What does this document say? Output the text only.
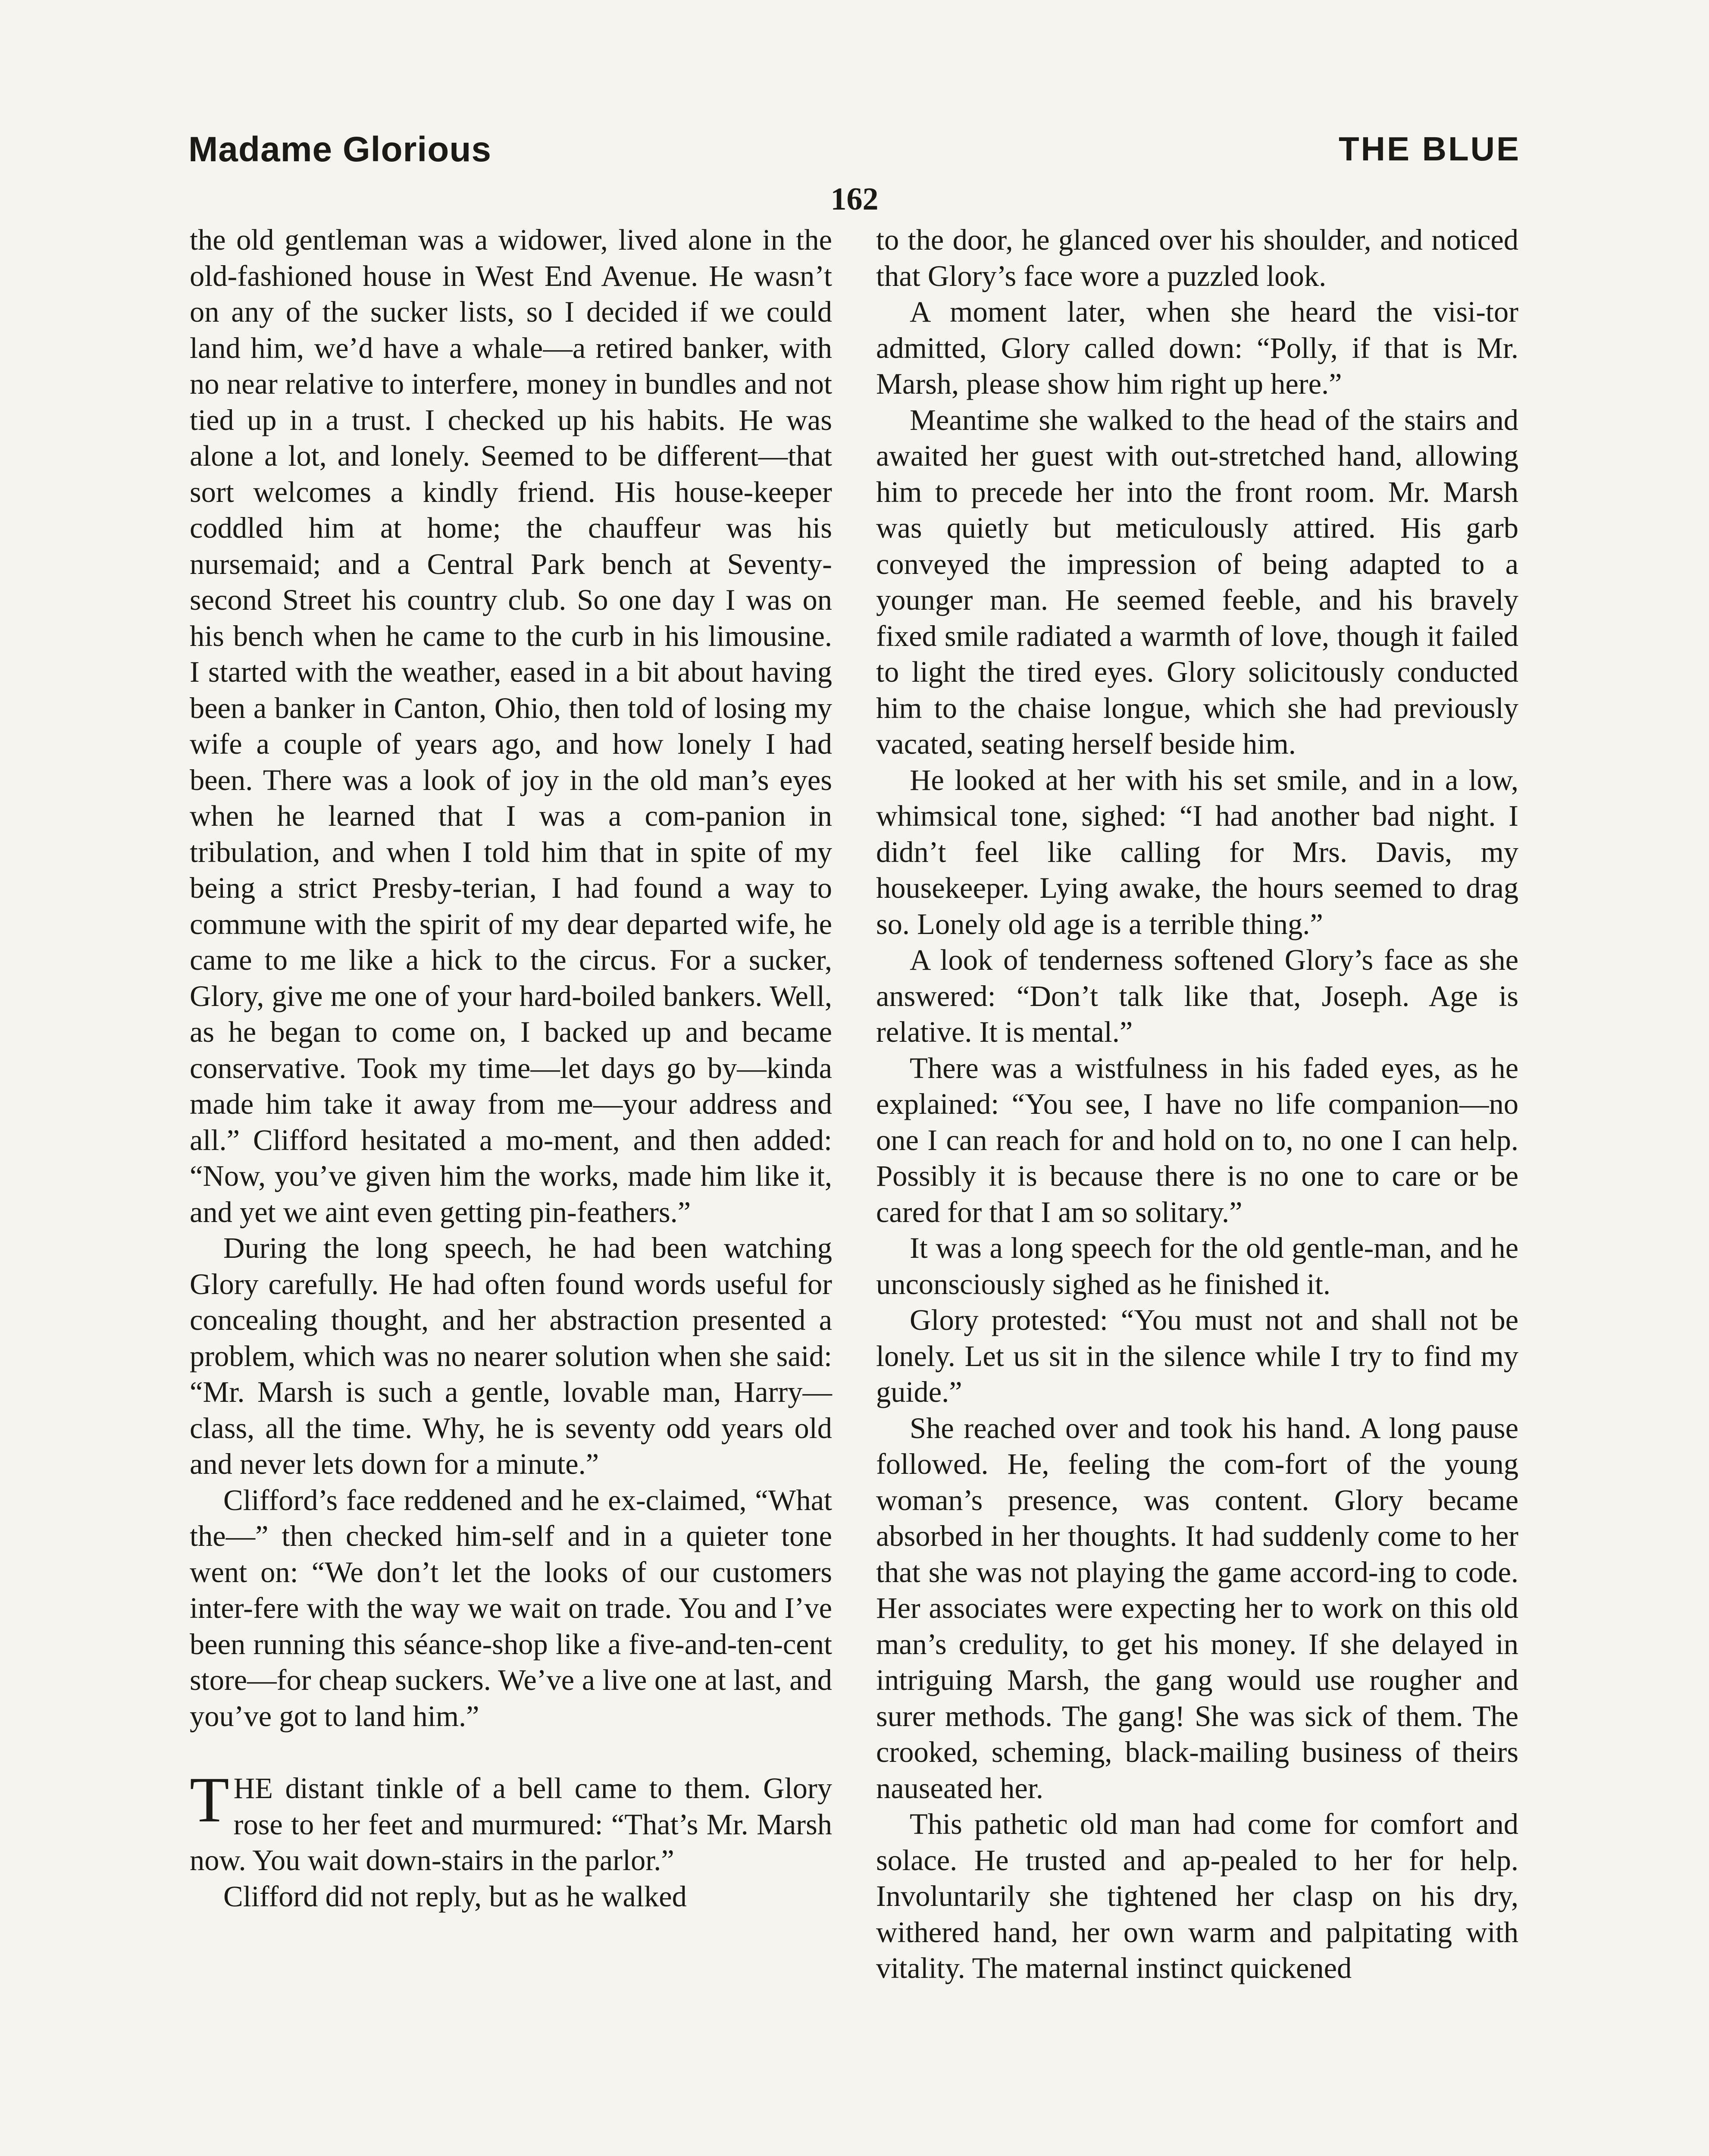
Madame Glorious	THE BLUE
162

the old gentleman was a widower, lived alone in the old-fashioned house in West End Avenue. He wasn’t on any of the sucker lists, so I decided if we could land him, we’d have a whale—a retired banker, with no near relative to interfere, money in bundles and not tied up in a trust. I checked up his habits. He was alone a lot, and lonely. Seemed to be different—that sort welcomes a kindly friend. His house-keeper coddled him at home; the chauffeur was his nursemaid; and a Central Park bench at Seventy-second Street his country club. So one day I was on his bench when he came to the curb in his limousine. I started with the weather, eased in a bit about having been a banker in Canton, Ohio, then told of losing my wife a couple of years ago, and how lonely I had been. There was a look of joy in the old man’s eyes when he learned that I was a com-panion in tribulation, and when I told him that in spite of my being a strict Presby-terian, I had found a way to commune with the spirit of my dear departed wife, he came to me like a hick to the circus. For a sucker, Glory, give me one of your hard-boiled bankers. Well, as he began to come on, I backed up and became conservative. Took my time—let days go by—kinda made him take it away from me—your address and all.” Clifford hesitated a mo-ment, and then added: “Now, you’ve given him the works, made him like it, and yet we aint even getting pin-feathers.”

During the long speech, he had been watching Glory carefully. He had often found words useful for concealing thought, and her abstraction presented a problem, which was no nearer solution when she said: “Mr. Marsh is such a gentle, lovable man, Harry—class, all the time. Why, he is seventy odd years old and never lets down for a minute.”

Clifford’s face reddened and he ex-claimed, “What the—” then checked him-self and in a quieter tone went on: “We don’t let the looks of our customers inter-fere with the way we wait on trade. You and I’ve been running this séance-shop like a five-and-ten-cent store—for cheap suckers. We’ve a live one at last, and you’ve got to land him.”

THE distant tinkle of a bell came to them. Glory rose to her feet and murmured: “That’s Mr. Marsh now. You wait down-stairs in the parlor.”

Clifford did not reply, but as he walked

to the door, he glanced over his shoulder, and noticed that Glory’s face wore a puzzled look.

A moment later, when she heard the visi-tor admitted, Glory called down: “Polly, if that is Mr. Marsh, please show him right up here.”

Meantime she walked to the head of the stairs and awaited her guest with out-stretched hand, allowing him to precede her into the front room. Mr. Marsh was quietly but meticulously attired. His garb conveyed the impression of being adapted to a younger man. He seemed feeble, and his bravely fixed smile radiated a warmth of love, though it failed to light the tired eyes. Glory solicitously conducted him to the chaise longue, which she had previously vacated, seating herself beside him.

He looked at her with his set smile, and in a low, whimsical tone, sighed: “I had another bad night. I didn’t feel like calling for Mrs. Davis, my housekeeper. Lying awake, the hours seemed to drag so. Lonely old age is a terrible thing.”

A look of tenderness softened Glory’s face as she answered: “Don’t talk like that, Joseph. Age is relative. It is mental.”

There was a wistfulness in his faded eyes, as he explained: “You see, I have no life companion—no one I can reach for and hold on to, no one I can help. Possibly it is because there is no one to care or be cared for that I am so solitary.”

It was a long speech for the old gentle-man, and he unconsciously sighed as he finished it.

Glory protested: “You must not and shall not be lonely. Let us sit in the silence while I try to find my guide.”

She reached over and took his hand. A long pause followed. He, feeling the com-fort of the young woman’s presence, was content. Glory became absorbed in her thoughts. It had suddenly come to her that she was not playing the game accord-ing to code. Her associates were expecting her to work on this old man’s credulity, to get his money. If she delayed in intriguing Marsh, the gang would use rougher and surer methods. The gang! She was sick of them. The crooked, scheming, black-mailing business of theirs nauseated her.

This pathetic old man had come for comfort and solace. He trusted and ap-pealed to her for help. Involuntarily she tightened her clasp on his dry, withered hand, her own warm and palpitating with vitality. The maternal instinct quickened
